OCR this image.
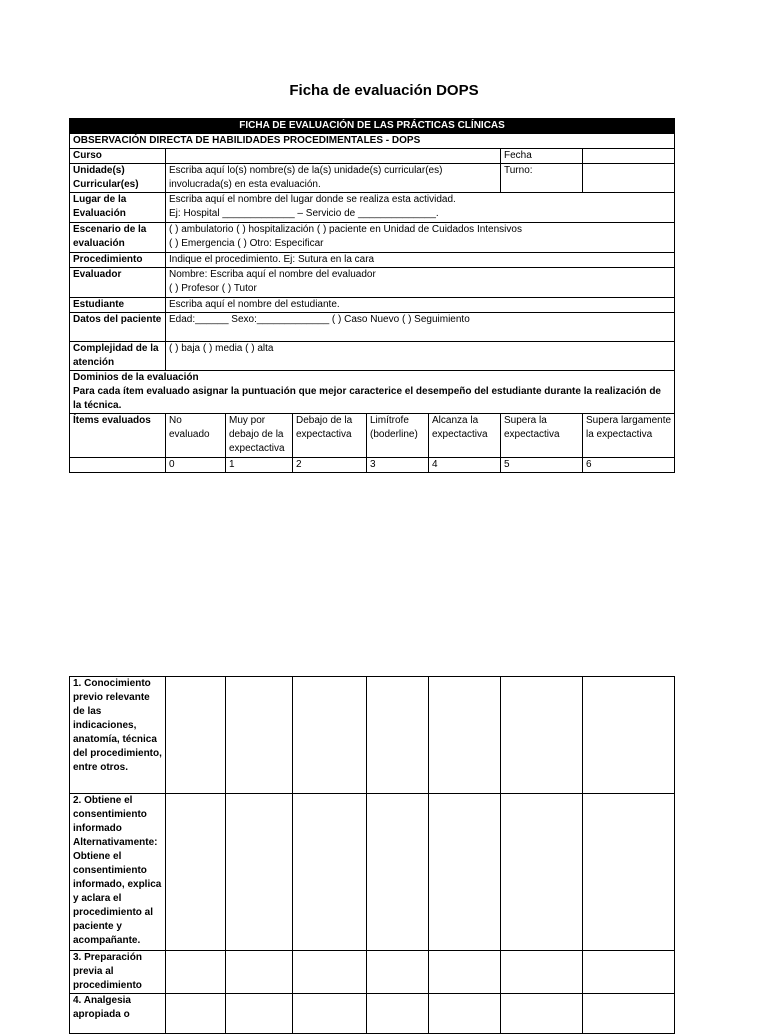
Ficha de evaluación DOPS
FICHA DE EVALUACIÓN DE LAS PRÁCTICAS CLÍNICAS							
OBSERVACIÓN DIRECTA DE HABILIDADES PROCEDIMENTALES - DOPS							
Curso						Fecha	
Unidade(s) Curricular(es)	Escriba aquí lo(s) nombre(s) de la(s) unidade(s) curricular(es) involucrada(s) en esta evaluación.					Turno:	
Lugar de la Evaluación	Escriba aquí el nombre del lugar donde se realiza esta actividad.
Ej: Hospital _____________ – Servicio de ______________.						

Escenario de la evaluación	( ) ambulatorio ( ) hospitalización ( ) paciente en Unidad de Cuidados Intensivos
( ) Emergencia ( ) Otro: Especificar						

Procedimiento	Indique el procedimiento. Ej: Sutura en la cara						
Evaluador	Nombre: Escriba aquí el nombre del evaluador
( ) Profesor ( ) Tutor						

Estudiante	Escriba aquí el nombre del estudiante.						
Datos del paciente	Edad:______ Sexo:_____________ ( ) Caso Nuevo ( ) Seguimiento						
Complejidad de la atención	( ) baja ( ) media ( ) alta						

Dominios de la evaluación
Para cada ítem evaluado asignar la puntuación que mejor caracterice el desempeño del estudiante durante la realización de la técnica.							

Ítems evaluados	No evaluado	Muy por debajo de la expectactiva	Debajo de la expectactiva	Limítrofe (boderline)	Alcanza la expectactiva	Supera la expectactiva	Supera largamente la expectactiva
	0	1	2	3	4	5	6
1. Conocimiento previo relevante de las indicaciones, anatomía, técnica del procedimiento, entre otros.							
2. Obtiene el consentimiento informado Alternativamente: Obtiene el consentimiento informado, explica y aclara el procedimiento al paciente y acompañante.							
3. Preparación previa al procedimiento							
4. Analgesia apropiada o							
